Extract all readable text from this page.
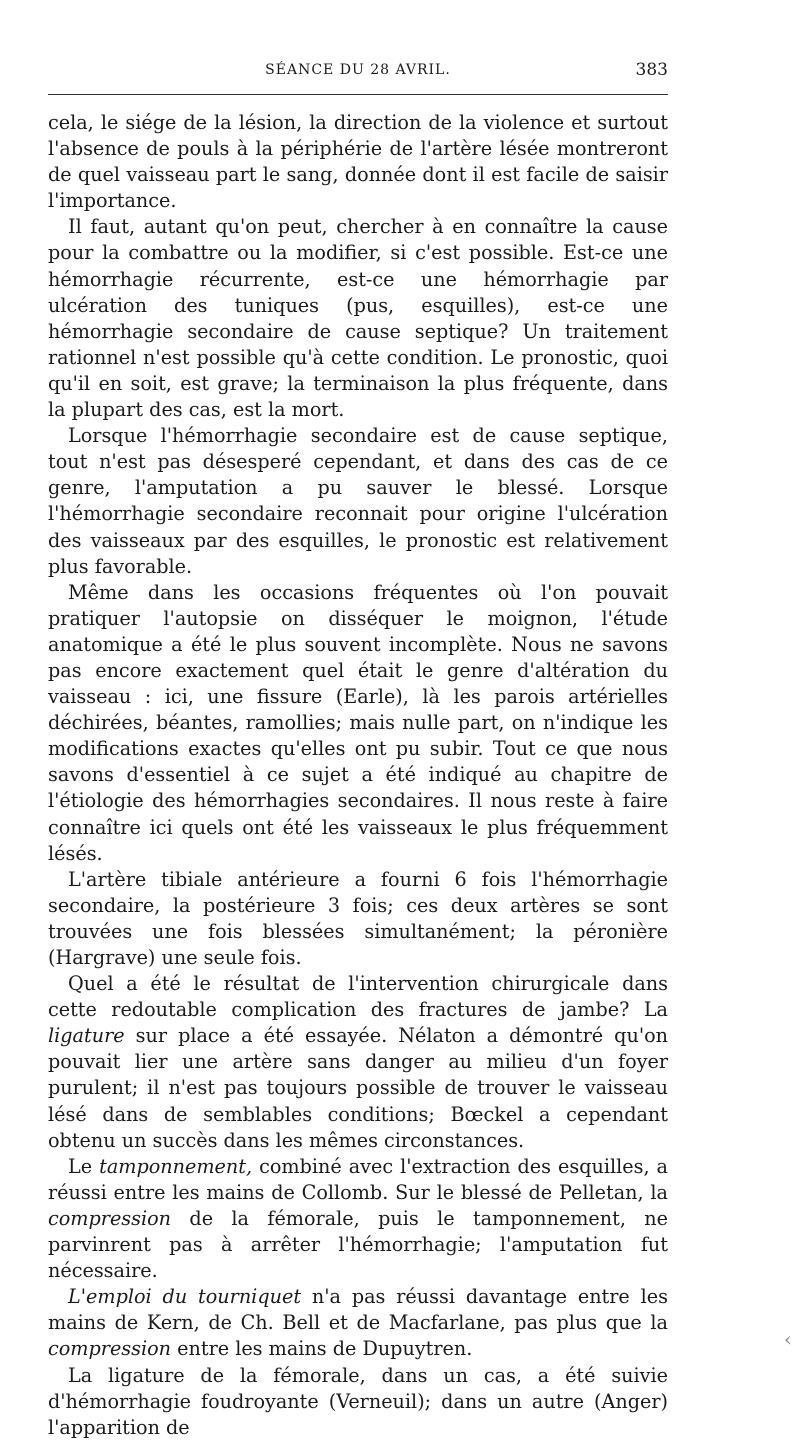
SÉANCE DU 28 AVRIL.	383

cela, le siége de la lésion, la direction de la violence et surtout l'absence de pouls à la périphérie de l'artère lésée montreront de quel vaisseau part le sang, donnée dont il est facile de saisir l'importance.

Il faut, autant qu'on peut, chercher à en connaître la cause pour la combattre ou la modifier, si c'est possible. Est-ce une hémorrhagie récurrente, est-ce une hémorrhagie par ulcération des tuniques (pus, esquilles), est-ce une hémorrhagie secondaire de cause septique? Un traitement rationnel n'est possible qu'à cette condition. Le pronostic, quoi qu'il en soit, est grave; la terminaison la plus fréquente, dans la plupart des cas, est la mort.

Lorsque l'hémorrhagie secondaire est de cause septique, tout n'est pas désesperé cependant, et dans des cas de ce genre, l'amputation a pu sauver le blessé. Lorsque l'hémorrhagie secondaire reconnait pour origine l'ulcération des vaisseaux par des esquilles, le pronostic est relativement plus favorable.

Même dans les occasions fréquentes où l'on pouvait pratiquer l'autopsie on disséquer le moignon, l'étude anatomique a été le plus souvent incomplète. Nous ne savons pas encore exactement quel était le genre d'altération du vaisseau : ici, une fissure (Earle), là les parois artérielles déchirées, béantes, ramollies; mais nulle part, on n'indique les modifications exactes qu'elles ont pu subir. Tout ce que nous savons d'essentiel à ce sujet a été indiqué au chapitre de l'étiologie des hémorrhagies secondaires. Il nous reste à faire connaître ici quels ont été les vaisseaux le plus fréquemment lésés.

L'artère tibiale antérieure a fourni 6 fois l'hémorrhagie secondaire, la postérieure 3 fois; ces deux artères se sont trouvées une fois blessées simultanément; la péronière (Hargrave) une seule fois.

Quel a été le résultat de l'intervention chirurgicale dans cette redoutable complication des fractures de jambe? La ligature sur place a été essayée. Nélaton a démontré qu'on pouvait lier une artère sans danger au milieu d'un foyer purulent; il n'est pas toujours possible de trouver le vaisseau lésé dans de semblables conditions; Bœckel a cependant obtenu un succès dans les mêmes circonstances.

Le tamponnement, combiné avec l'extraction des esquilles, a réussi entre les mains de Collomb. Sur le blessé de Pelletan, la compression de la fémorale, puis le tamponnement, ne parvinrent pas à arrêter l'hémorrhagie; l'amputation fut nécessaire.

L'emploi du tourniquet n'a pas réussi davantage entre les mains de Kern, de Ch. Bell et de Macfarlane, pas plus que la compression entre les mains de Dupuytren.

La ligature de la fémorale, dans un cas, a été suivie d'hémorrhagie foudroyante (Verneuil); dans un autre (Anger) l'apparition de

‹
